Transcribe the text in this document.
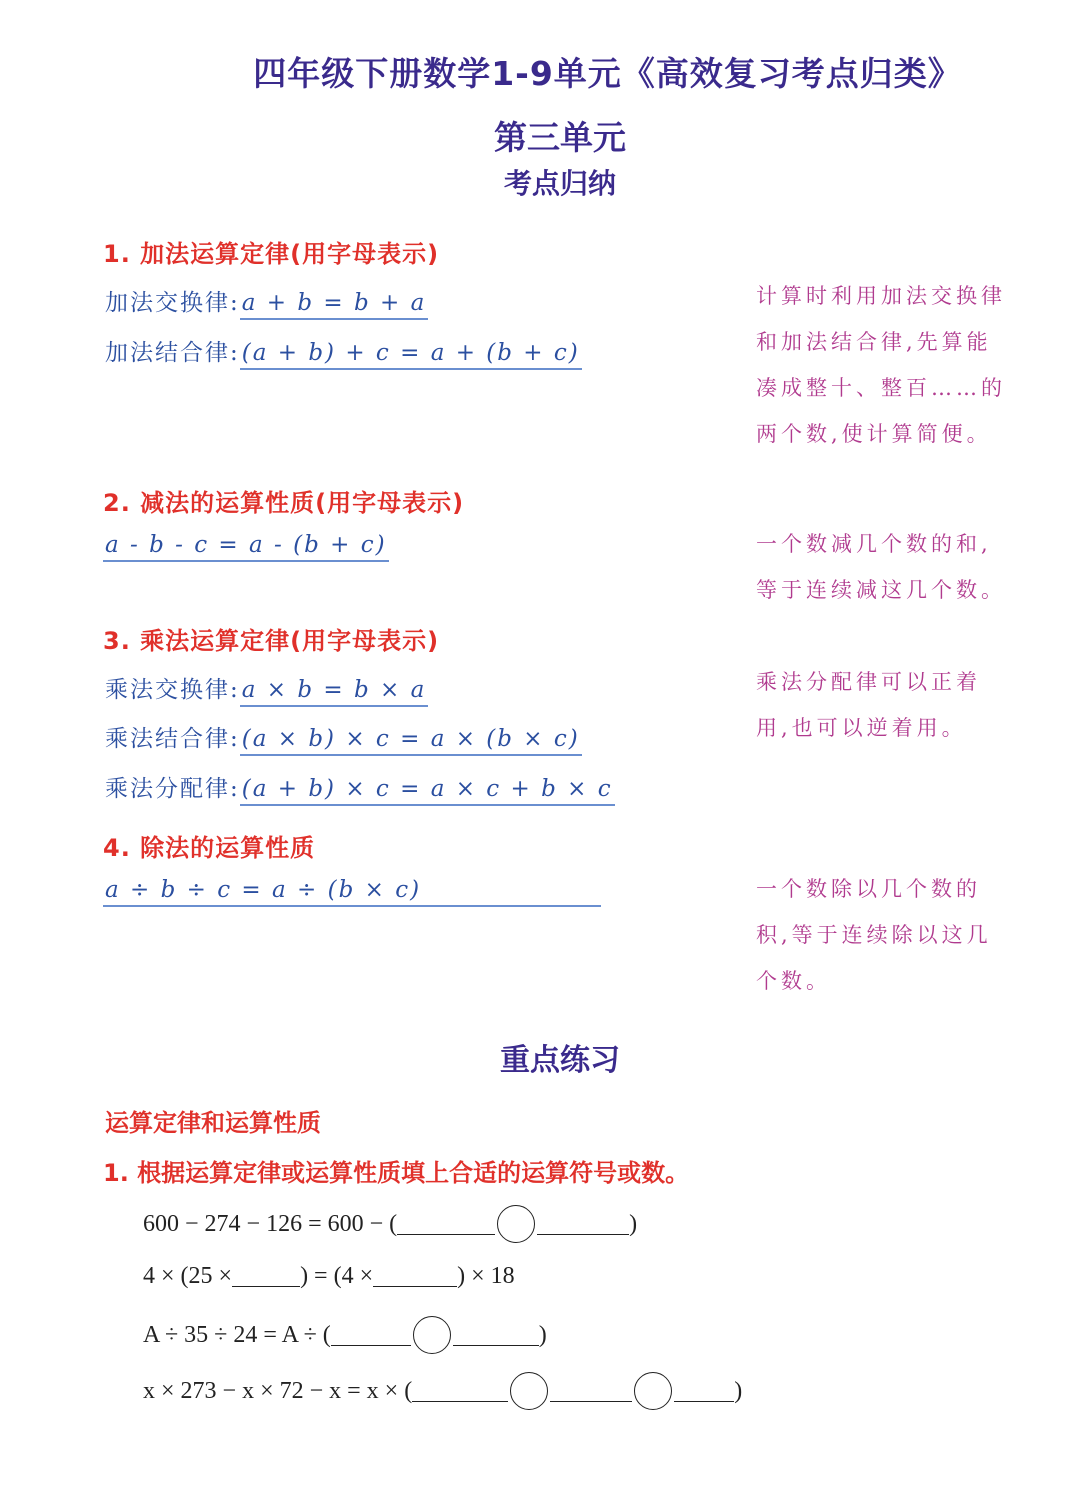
四年级下册数学1-9单元《高效复习考点归类》
第三单元
考点归纳
1. 加法运算定律(用字母表示)
加法交换律:a + b = b + a
加法结合律:(a + b) + c = a + (b + c)
计算时利用加法交换律
和加法结合律,先算能
凑成整十、整百……的
两个数,使计算简便。
2. 减法的运算性质(用字母表示)
a - b - c = a - (b + c)	一个数减几个数的和,
等于连续减这几个数。
3. 乘法运算定律(用字母表示)
乘法交换律:a × b = b × a
乘法结合律:(a × b) × c = a × (b × c)
乘法分配律:(a + b) × c = a × c + b × c
乘法分配律可以正着
用,也可以逆着用。
4. 除法的运算性质
a ÷ b ÷ c = a ÷ (b × c)	一个数除以几个数的
积,等于连续除以这几
个数。
重点练习
运算定律和运算性质
1. 根据运算定律或运算性质填上合适的运算符号或数。
600 − 274 − 126 = 600 − (	)
4 × (25 ×	) = (4 ×	) × 18
A ÷ 35 ÷ 24 = A ÷ (	)
x × 273 − x × 72 − x = x × (	)
